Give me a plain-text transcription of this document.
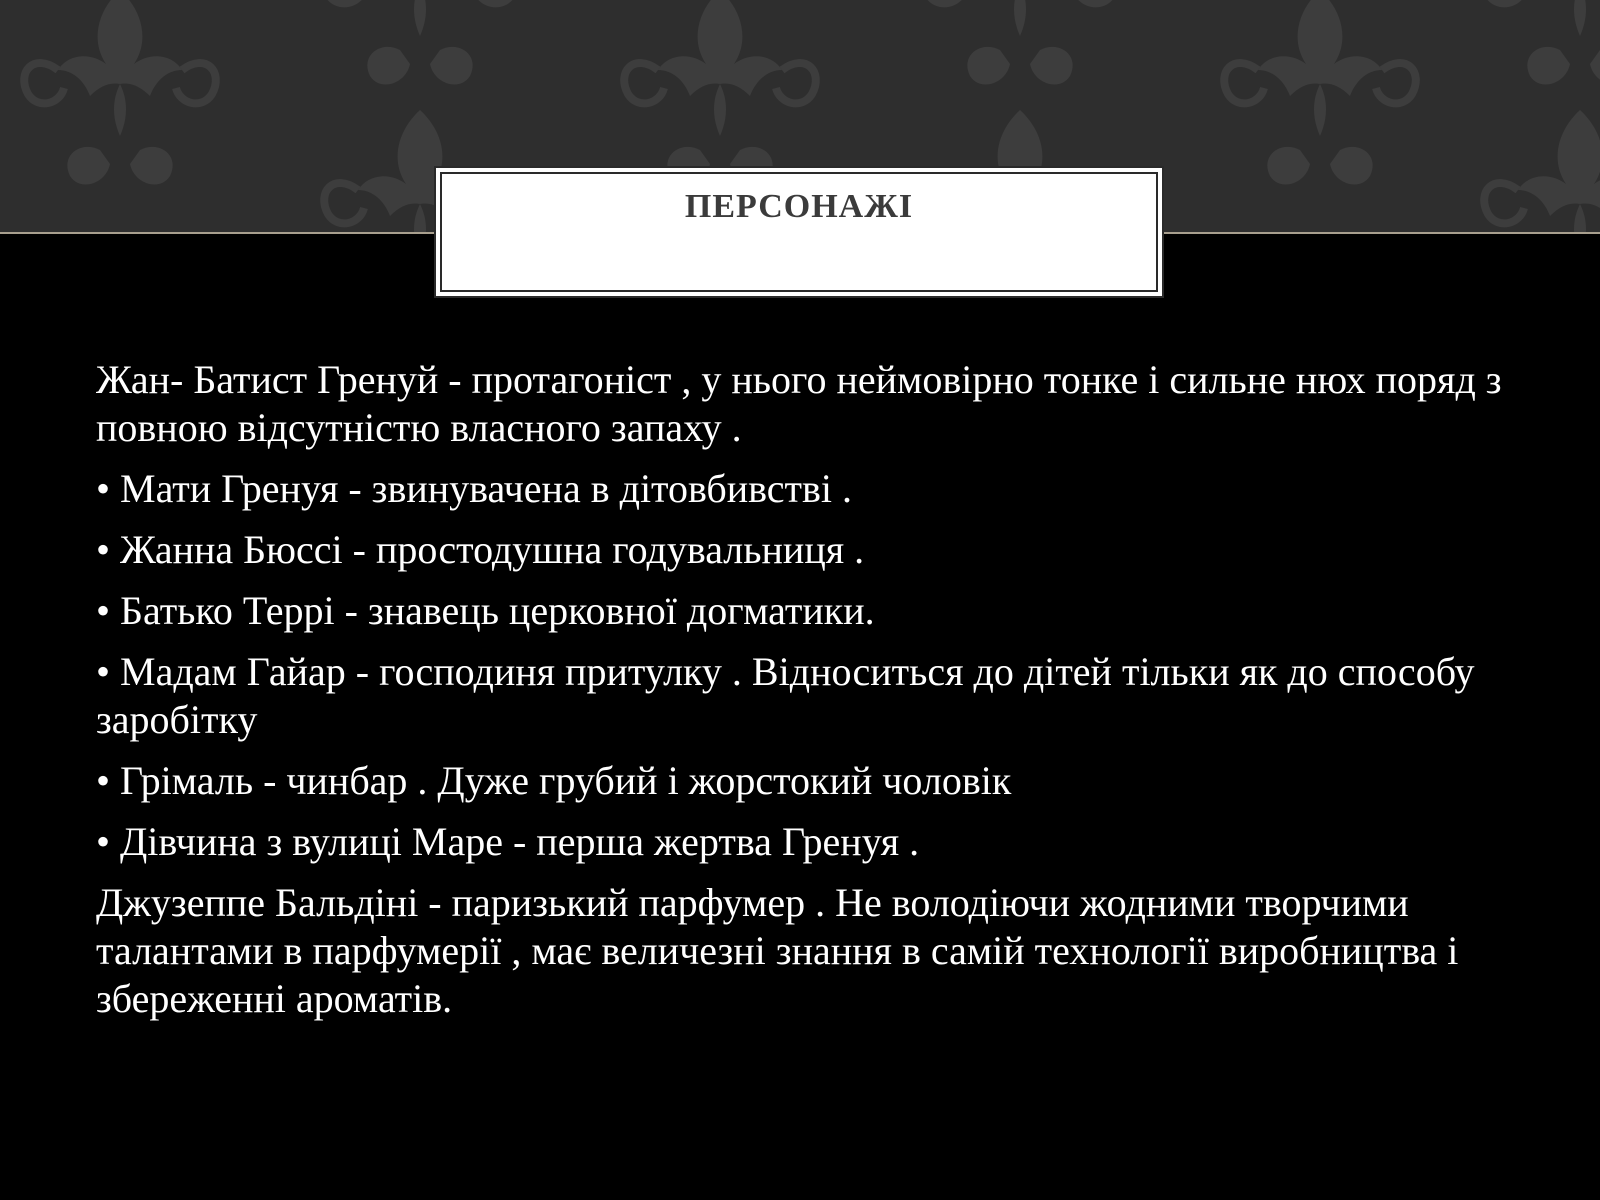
ПЕРСОНАЖІ

Жан- Батист Гренуй - протагоніст , у нього неймовірно тонке і сильне нюх поряд з повною відсутністю власного запаху .

• Мати Гренуя - звинувачена в дітовбивстві .

• Жанна Бюссі - простодушна годувальниця .

• Батько Террі - знавець церковної догматики.

• Мадам Гайар - господиня притулку . Відноситься до дітей тільки як до способу заробітку

• Грімаль - чинбар . Дуже грубий і жорстокий чоловік

• Дівчина з вулиці Маре - перша жертва Гренуя .

Джузеппе Бальдіні - паризький парфумер . Не володіючи жодними творчими талантами в парфумерії , має величезні знання в самій технології виробництва і збереженні ароматів.
